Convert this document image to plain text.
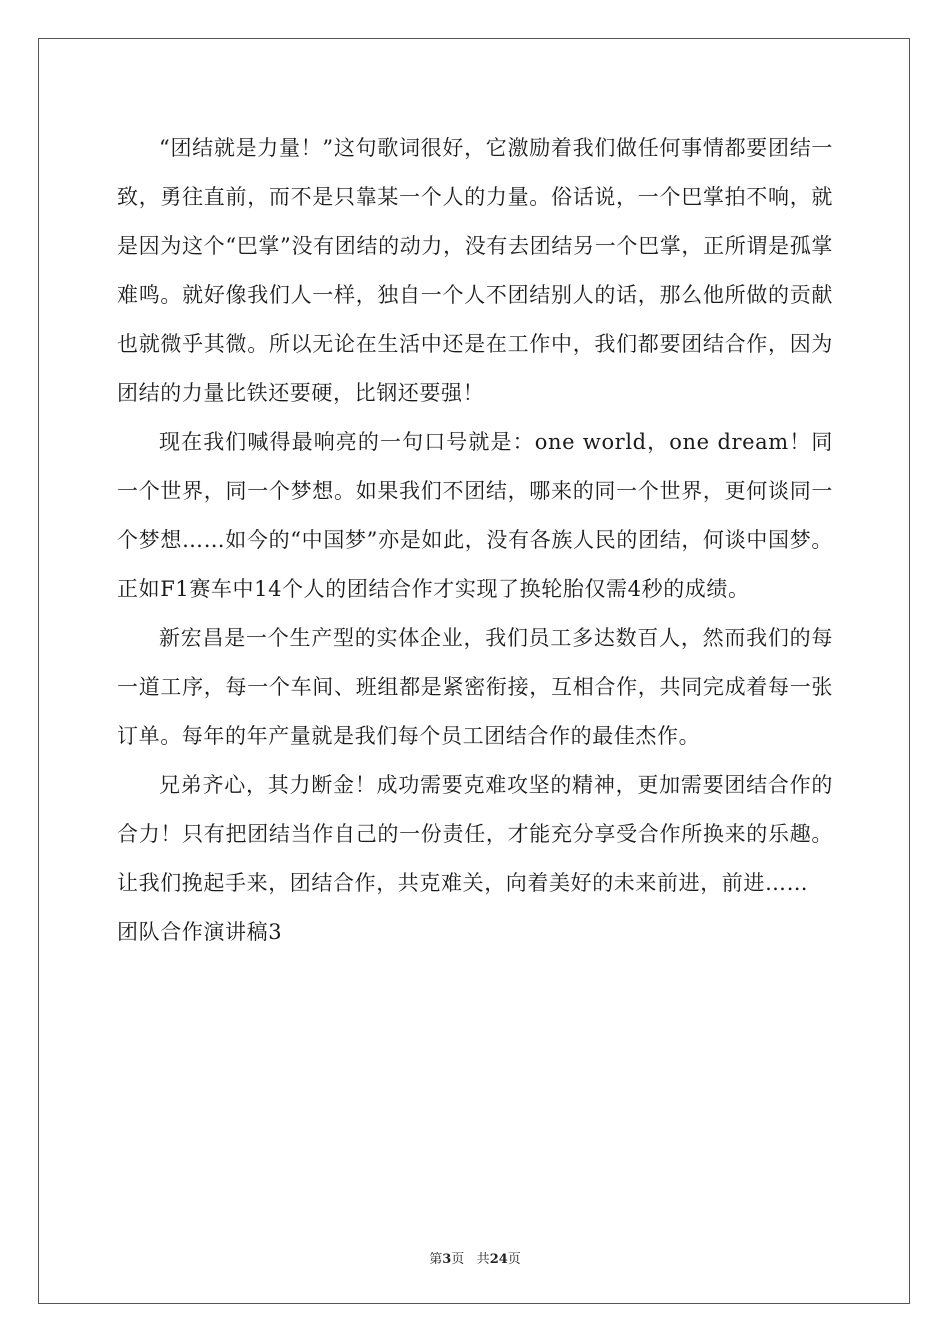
“团结就是力量！”这句歌词很好，它激励着我们做任何事情都要团结一致，勇往直前，而不是只靠某一个人的力量。俗话说，一个巴掌拍不响，就是因为这个“巴掌”没有团结的动力，没有去团结另一个巴掌，正所谓是孤掌难鸣。就好像我们人一样，独自一个人不团结别人的话，那么他所做的贡献也就微乎其微。所以无论在生活中还是在工作中，我们都要团结合作，因为团结的力量比铁还要硬，比钢还要强！

现在我们喊得最响亮的一句口号就是：one world，one dream！同一个世界，同一个梦想。如果我们不团结，哪来的同一个世界，更何谈同一个梦想……如今的“中国梦”亦是如此，没有各族人民的团结，何谈中国梦。正如F1赛车中14个人的团结合作才实现了换轮胎仅需4秒的成绩。

新宏昌是一个生产型的实体企业，我们员工多达数百人，然而我们的每一道工序，每一个车间、班组都是紧密衔接，互相合作，共同完成着每一张订单。每年的年产量就是我们每个员工团结合作的最佳杰作。

兄弟齐心，其力断金！成功需要克难攻坚的精神，更加需要团结合作的合力！只有把团结当作自己的一份责任，才能充分享受合作所换来的乐趣。让我们挽起手来，团结合作，共克难关，向着美好的未来前进，前进……

团队合作演讲稿3

第3页 共24页
